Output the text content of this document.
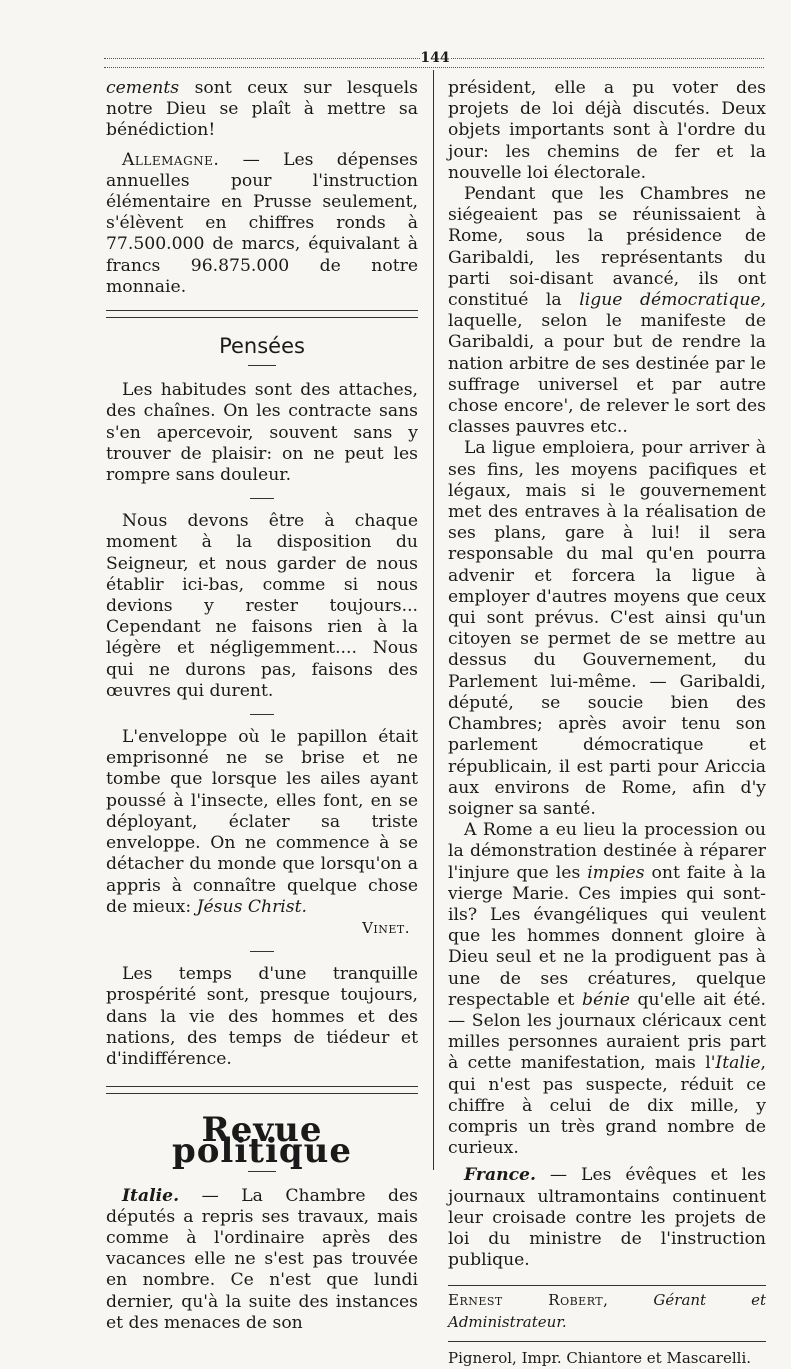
144

cements sont ceux sur lesquels notre Dieu se plaît à mettre sa bénédiction!

Allemagne. — Les dépenses annuelles pour l'instruction élémentaire en Prusse seulement, s'élèvent en chiffres ronds à 77.500.000 de marcs, équivalant à francs 96.875.000 de notre monnaie.

Pensées

Les habitudes sont des attaches, des chaînes. On les contracte sans s'en apercevoir, souvent sans y trouver de plaisir: on ne peut les rompre sans douleur.

Nous devons être à chaque moment à la disposition du Seigneur, et nous garder de nous établir ici-bas, comme si nous devions y rester toujours... Cependant ne faisons rien à la légère et négligemment.... Nous qui ne durons pas, faisons des œuvres qui durent.

L'enveloppe où le papillon était emprisonné ne se brise et ne tombe que lorsque les ailes ayant poussé à l'insecte, elles font, en se déployant, éclater sa triste enveloppe. On ne commence à se détacher du monde que lorsqu'on a appris à connaître quelque chose de mieux: Jésus Christ.

Vinet.

Les temps d'une tranquille prospérité sont, presque toujours, dans la vie des hommes et des nations, des temps de tiédeur et d'indifférence.

Revue politique

Italie. — La Chambre des députés a repris ses travaux, mais comme à l'ordinaire après des vacances elle ne s'est pas trouvée en nombre. Ce n'est que lundi dernier, qu'à la suite des instances et des menaces de son

président, elle a pu voter des projets de loi déjà discutés. Deux objets importants sont à l'ordre du jour: les chemins de fer et la nouvelle loi électorale.

Pendant que les Chambres ne siégeaient pas se réunissaient à Rome, sous la présidence de Garibaldi, les représentants du parti soi-disant avancé, ils ont constitué la ligue démocratique, laquelle, selon le manifeste de Garibaldi, a pour but de rendre la nation arbitre de ses destinée par le suffrage universel et par autre chose encore', de relever le sort des classes pauvres etc..

La ligue emploiera, pour arriver à ses fins, les moyens pacifiques et légaux, mais si le gouvernement met des entraves à la réalisation de ses plans, gare à lui! il sera responsable du mal qu'en pourra advenir et forcera la ligue à employer d'autres moyens que ceux qui sont prévus. C'est ainsi qu'un citoyen se permet de se mettre au dessus du Gouvernement, du Parlement lui-même. — Garibaldi, député, se soucie bien des Chambres; après avoir tenu son parlement démocratique et républicain, il est parti pour Ariccia aux environs de Rome, afin d'y soigner sa santé.

A Rome a eu lieu la procession ou la démonstration destinée à réparer l'injure que les impies ont faite à la vierge Marie. Ces impies qui sont-ils? Les évangéliques qui veulent que les hommes donnent gloire à Dieu seul et ne la prodiguent pas à une de ses créatures, quelque respectable et bénie qu'elle ait été. — Selon les journaux cléricaux cent milles personnes auraient pris part à cette manifestation, mais l'Italie, qui n'est pas suspecte, réduit ce chiffre à celui de dix mille, y compris un très grand nombre de curieux.

France. — Les évêques et les journaux ultramontains continuent leur croisade contre les projets de loi du ministre de l'instruction publique.

Ernest Robert, Gérant et Administrateur.
Pignerol, Impr. Chiantore et Mascarelli.
